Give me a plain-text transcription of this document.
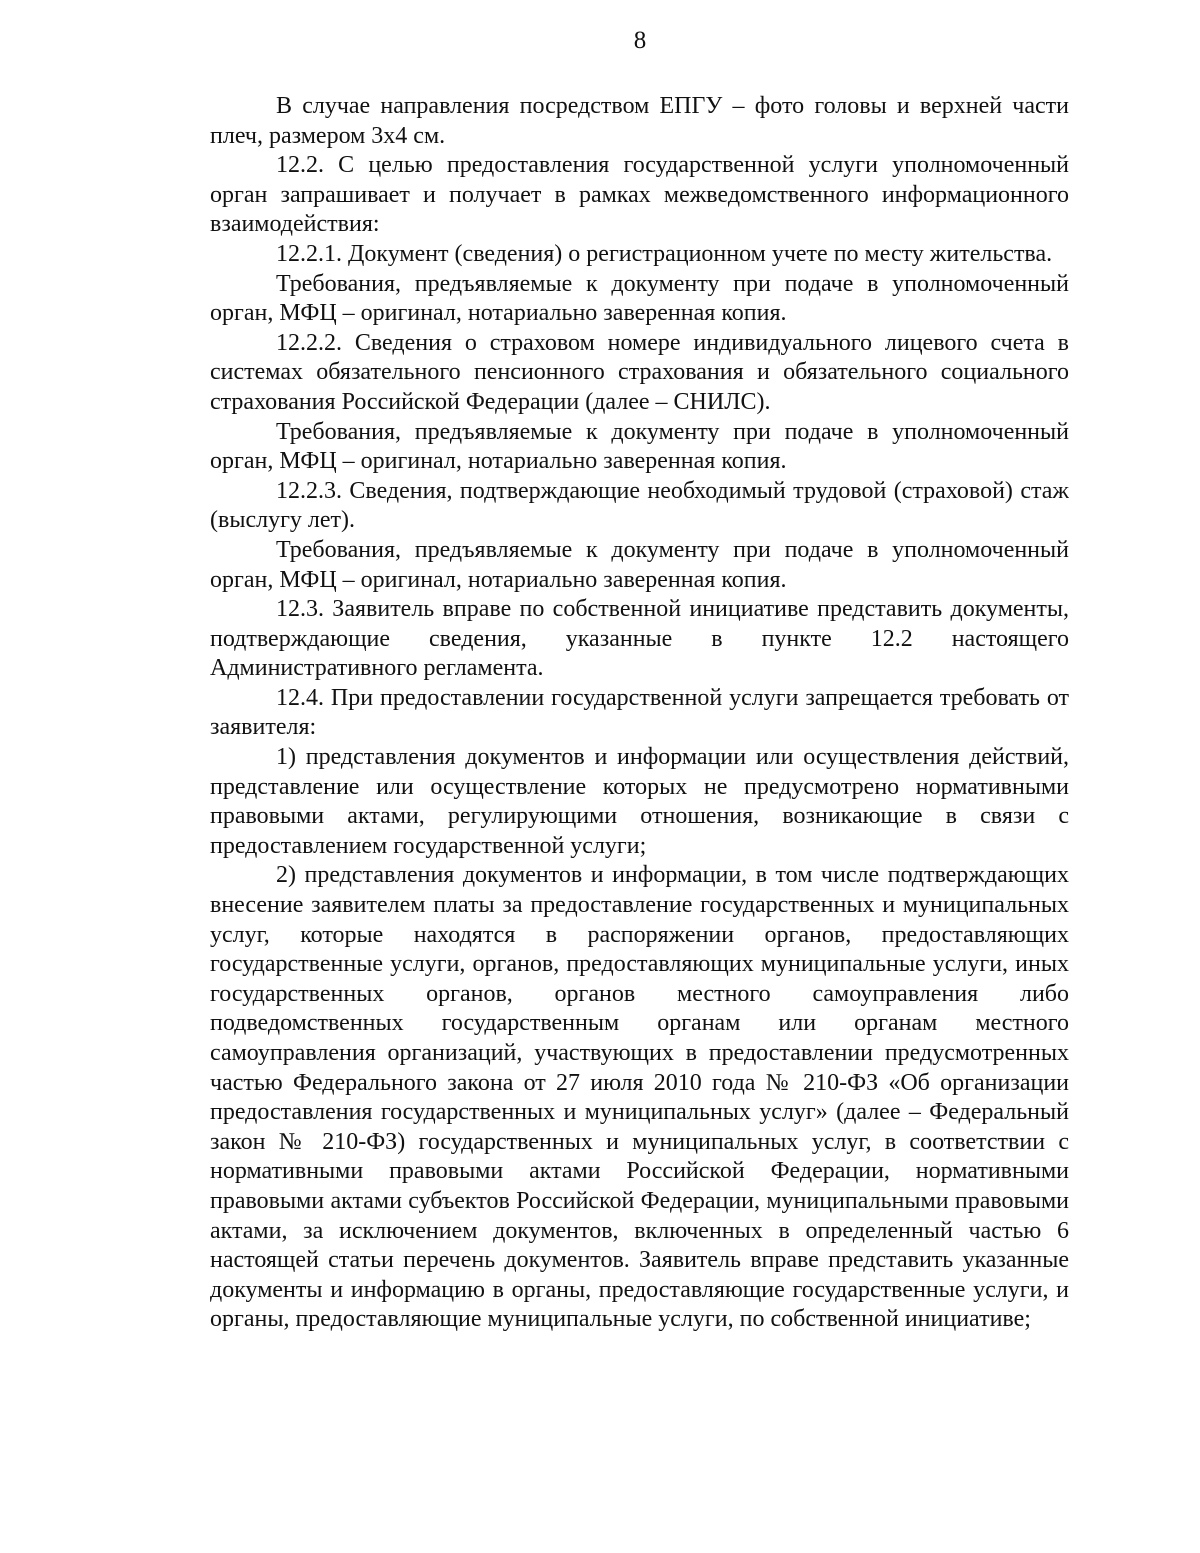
8

В случае направления посредством ЕПГУ – фото головы и верхней части плеч, размером 3х4 см.

12.2. С целью предоставления государственной услуги уполномоченный орган запрашивает и получает в рамках межведомственного информационного взаимодействия:

12.2.1. Документ (сведения) о регистрационном учете по месту жительства.

Требования, предъявляемые к документу при подаче в уполномоченный орган, МФЦ – оригинал, нотариально заверенная копия.

12.2.2. Сведения о страховом номере индивидуального лицевого счета в системах обязательного пенсионного страхования и обязательного социального страхования Российской Федерации (далее – СНИЛС).

Требования, предъявляемые к документу при подаче в уполномоченный орган, МФЦ – оригинал, нотариально заверенная копия.

12.2.3. Сведения, подтверждающие необходимый трудовой (страховой) стаж (выслугу лет).

Требования, предъявляемые к документу при подаче в уполномоченный орган, МФЦ – оригинал, нотариально заверенная копия.

12.3. Заявитель вправе по собственной инициативе представить документы, подтверждающие сведения, указанные в пункте 12.2 настоящего Административного регламента.

12.4. При предоставлении государственной услуги запрещается требовать от заявителя:

1) представления документов и информации или осуществления действий, представление или осуществление которых не предусмотрено нормативными правовыми актами, регулирующими отношения, возникающие в связи с предоставлением государственной услуги;

2) представления документов и информации, в том числе подтверждающих внесение заявителем платы за предоставление государственных и муниципальных услуг, которые находятся в распоряжении органов, предоставляющих государственные услуги, органов, предоставляющих муниципальные услуги, иных государственных органов, органов местного самоуправления либо подведомственных государственным органам или органам местного самоуправления организаций, участвующих в предоставлении предусмотренных частью Федерального закона от 27 июля 2010 года № 210-ФЗ «Об организации предоставления государственных и муниципальных услуг» (далее – Федеральный закон № 210-ФЗ) государственных и муниципальных услуг, в соответствии с нормативными правовыми актами Российской Федерации, нормативными правовыми актами субъектов Российской Федерации, муниципальными правовыми актами, за исключением документов, включенных в определенный частью 6 настоящей статьи перечень документов. Заявитель вправе представить указанные документы и информацию в органы, предоставляющие государственные услуги, и органы, предоставляющие муниципальные услуги, по собственной инициативе;
